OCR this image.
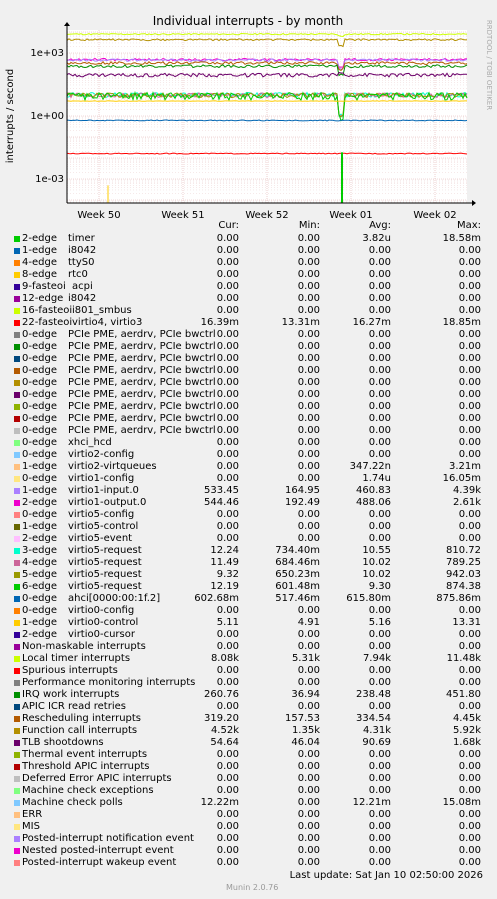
Week 50	Week 51	Week 52	Week 01	Week 02
1e+03
1e+00
1e-03
Individual interrupts - by month
interrupts / second
RRDTOOL / TOBI OETIKER
Cur:	Min:	Avg:	Max:
2-edge timer	0.00	0.00	3.82u	18.58m
1-edge i8042	0.00	0.00	0.00	0.00
4-edge ttyS0	0.00	0.00	0.00	0.00
8-edge rtc0	0.00	0.00	0.00	0.00
9-fasteoi acpi	0.00	0.00	0.00	0.00
12-edge i8042	0.00	0.00	0.00	0.00
16-fasteoi i801_smbus	0.00	0.00	0.00	0.00
22-fasteoi virtio4, virtio3	16.39m	13.31m	16.27m	18.85m
0-edge PCIe PME, aerdrv, PCIe bwctrl 0.00	0.00	0.00	0.00
0-edge PCIe PME, aerdrv, PCIe bwctrl 0.00	0.00	0.00	0.00
0-edge PCIe PME, aerdrv, PCIe bwctrl 0.00	0.00	0.00	0.00
0-edge PCIe PME, aerdrv, PCIe bwctrl 0.00	0.00	0.00	0.00
0-edge PCIe PME, aerdrv, PCIe bwctrl 0.00	0.00	0.00	0.00
0-edge PCIe PME, aerdrv, PCIe bwctrl 0.00	0.00	0.00	0.00
0-edge PCIe PME, aerdrv, PCIe bwctrl 0.00	0.00	0.00	0.00
0-edge PCIe PME, aerdrv, PCIe bwctrl 0.00	0.00	0.00	0.00
0-edge PCIe PME, aerdrv, PCIe bwctrl 0.00	0.00	0.00	0.00
0-edge xhci_hcd	0.00	0.00	0.00	0.00
0-edge virtio2-config	0.00	0.00	0.00	0.00
1-edge virtio2-virtqueues	0.00	0.00	347.22n	3.21m
0-edge virtio1-config	0.00	0.00	1.74u	16.05m
1-edge virtio1-input.0	533.45	164.95	460.83	4.39k
2-edge virtio1-output.0	544.46	192.49	488.06	2.61k
0-edge virtio5-config	0.00	0.00	0.00	0.00
1-edge virtio5-control	0.00	0.00	0.00	0.00
2-edge virtio5-event	0.00	0.00	0.00	0.00
3-edge virtio5-request	12.24	734.40m	10.55	810.72
4-edge virtio5-request	11.49	684.46m	10.02	789.25
5-edge virtio5-request	9.32	650.23m	10.02	942.03
6-edge virtio5-request	12.19	601.48m	9.30	874.38
0-edge ahci[0000:00:1f.2]	602.68m	517.46m	615.80m	875.86m
0-edge virtio0-config	0.00	0.00	0.00	0.00
1-edge virtio0-control	5.11	4.91	5.16	13.31
2-edge virtio0-cursor	0.00	0.00	0.00	0.00
Non-maskable interrupts	0.00	0.00	0.00	0.00
Local timer interrupts	8.08k	5.31k	7.94k	11.48k
Spurious interrupts	0.00	0.00	0.00	0.00
Performance monitoring interrupts 0.00	0.00	0.00	0.00
IRQ work interrupts	260.76	36.94	238.48	451.80
APIC ICR read retries	0.00	0.00	0.00	0.00
Rescheduling interrupts	319.20	157.53	334.54	4.45k
Function call interrupts	4.52k	1.35k	4.31k	5.92k
TLB shootdowns	54.64	46.04	90.69	1.68k
Thermal event interrupts	0.00	0.00	0.00	0.00
Threshold APIC interrupts	0.00	0.00	0.00	0.00
Deferred Error APIC interrupts	0.00	0.00	0.00	0.00
Machine check exceptions	0.00	0.00	0.00	0.00
Machine check polls	12.22m	0.00	12.21m	15.08m
ERR	0.00	0.00	0.00	0.00
MIS	0.00	0.00	0.00	0.00
Posted-interrupt notification event 0.00	0.00	0.00	0.00
Nested posted-interrupt event	0.00	0.00	0.00	0.00
Posted-interrupt wakeup event	0.00	0.00	0.00	0.00
Last update: Sat Jan 10 02:50:00 2026
Munin 2.0.76
